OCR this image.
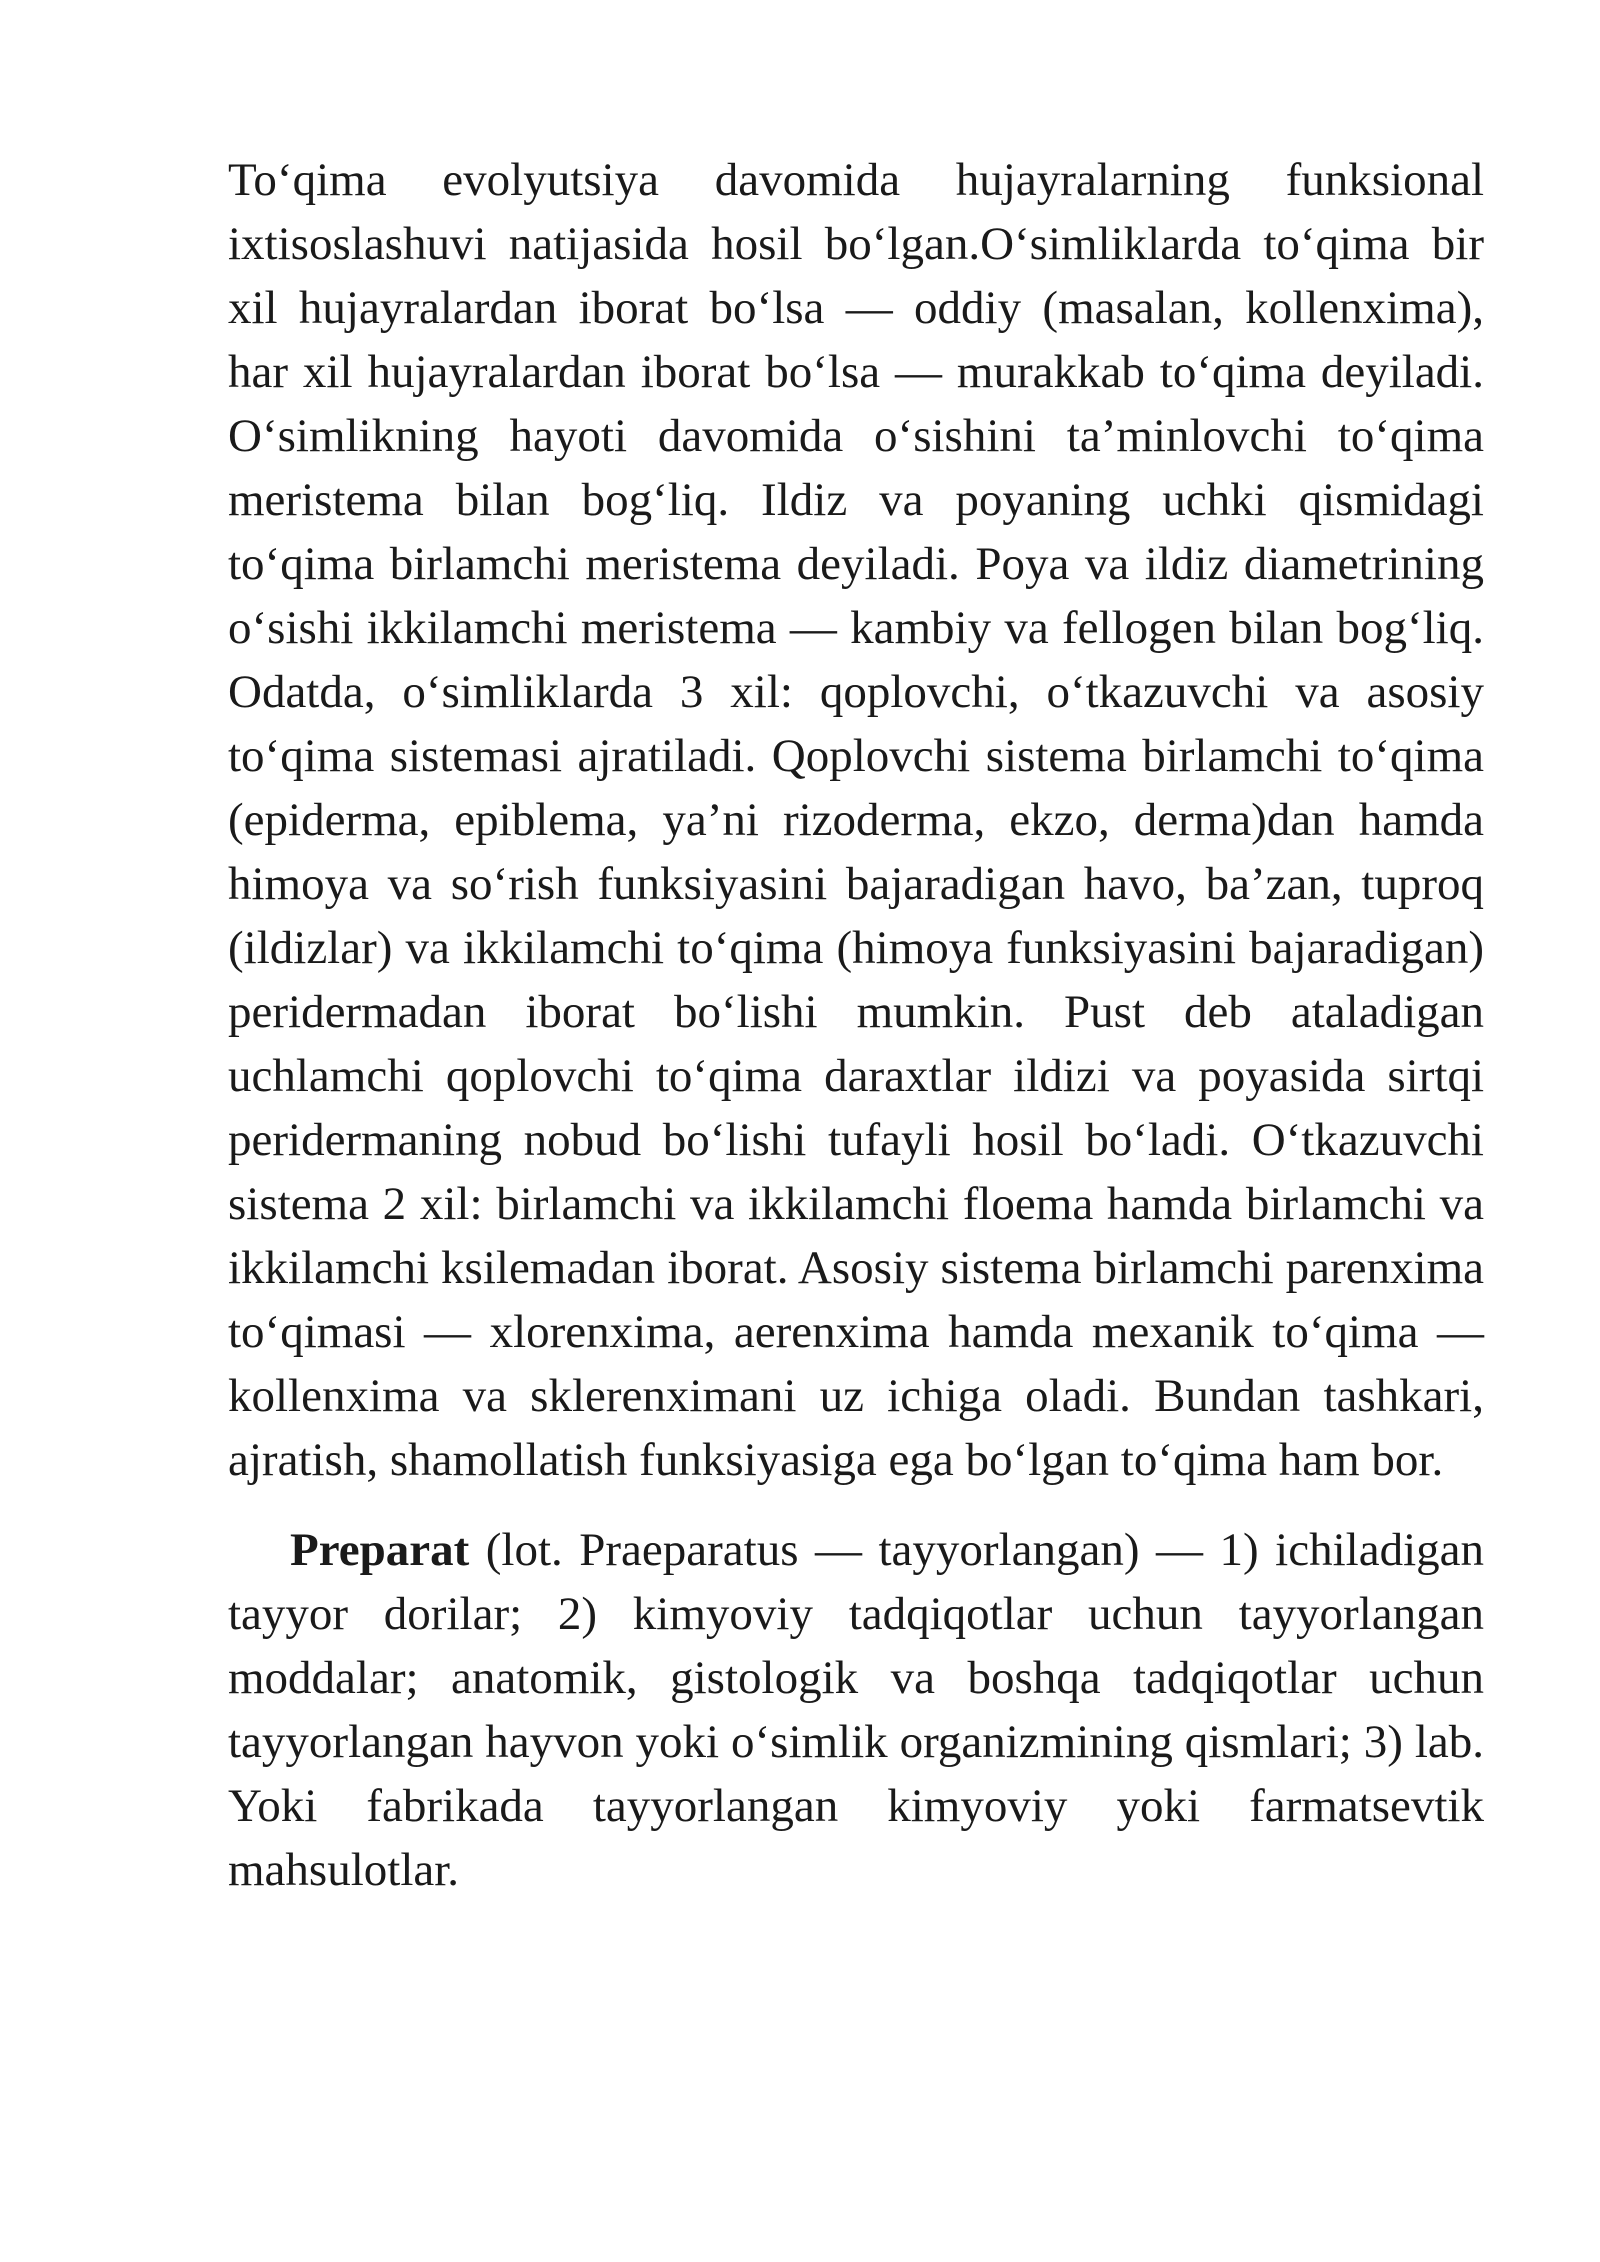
To‘qima evolyutsiya davomida hujayralarning funksional ixtisoslashuvi natijasida hosil bo‘lgan.O‘simliklarda to‘qima bir xil hujayralardan iborat bo‘lsa — oddiy (masalan, kollenxima), har xil hujayralardan iborat bo‘lsa — murakkab to‘qima deyiladi. O‘simlikning hayoti davomida o‘sishini ta’minlovchi to‘qima meristema bilan bog‘liq. Ildiz va poyaning uchki qismidagi to‘qima birlamchi meristema deyiladi. Poya va ildiz diametrining o‘sishi ikkilamchi meristema — kambiy va fellogen bilan bog‘liq. Odatda, o‘simliklarda 3 xil: qoplovchi, o‘tkazuvchi va asosiy to‘qima sistemasi ajratiladi. Qoplovchi sistema birlamchi to‘qima (epiderma, epiblema, ya’ni rizoderma, ekzo, derma)dan hamda himoya va so‘rish funksiyasini bajaradigan havo, ba’zan, tuproq (ildizlar) va ikkilamchi to‘qima (himoya funksiyasini bajaradigan) peridermadan iborat bo‘lishi mumkin. Pust deb ataladigan uchlamchi qoplovchi to‘qima daraxtlar ildizi va poyasida sirtqi peridermaning nobud bo‘lishi tufayli hosil bo‘ladi. O‘tkazuvchi sistema 2 xil: birlamchi va ikkilamchi floema hamda birlamchi va ikkilamchi ksilemadan iborat. Asosiy sistema birlamchi parenxima to‘qimasi — xlorenxima, aerenxima hamda mexanik to‘qima — kollenxima va sklerenximani uz ichiga oladi. Bundan tashkari, ajratish, shamollatish funksiyasiga ega bo‘lgan to‘qima ham bor.

Preparat (lot. Praeparatus — tayyorlangan) — 1) ichiladigan tayyor dorilar; 2) kimyoviy tadqiqotlar uchun tayyorlangan moddalar; anatomik, gistologik va boshqa tadqiqotlar uchun tayyorlangan hayvon yoki o‘simlik organizmining qismlari; 3) lab. Yoki fabrikada tayyorlangan kimyoviy yoki farmatsevtik mahsulotlar.
